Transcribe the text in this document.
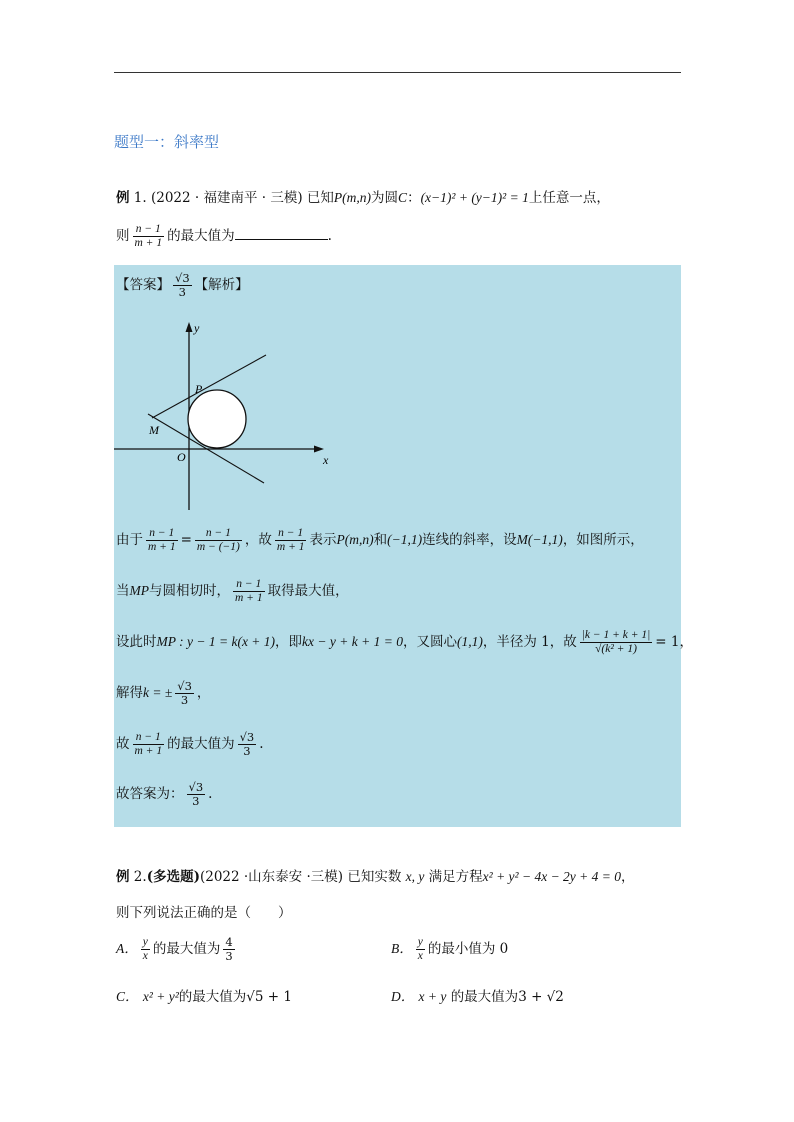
题型一：斜率型
例 1. (2022 · 福建南平 · 三模) 已知P(m,n)为圆C：(x−1)² + (y−1)² = 1上任意一点，
则 $\frac{n - 1}{m + 1}$ 的最大值为	.
【答案】 $\frac{√3}{3}$ 【解析】
y
x
P
M
O
由于 $\frac{n - 1}{m + 1} = \frac{n - 1}{m - (-1)}$ ，故 $\frac{n - 1}{m + 1}$ 表示P(m,n)和(−1,1)连线的斜率，设M(−1,1)，如图所示，
当MP与圆相切时， $\frac{n - 1}{m + 1}$ 取得最大值，
设此时MP : y − 1 = k(x + 1)，即kx − y + k + 1 = 0，又圆心(1,1)，半径为 1，故 $\frac{|k - 1 + k + 1|}{\text{√(k² + 1)}} = 1$，
解得k = ± $\frac{√3}{3}$ ，
故 $\frac{n - 1}{m + 1}$ 的最大值为 $\frac{√3}{3}$ .
故答案为： $\frac{√3}{3}$ .
例 2.(多选题)(2022 ·山东泰安 ·三模) 已知实数 x, y 满足方程x² + y² − 4x − 2y + 4 = 0，
则下列说法正确的是（　　）
A． $\frac{y}{x}$ 的最大值为 $\frac{4}{3}$	B． $\frac{y}{x}$ 的最小值为 0
C． x² + y²的最大值为√5 + 1	D． x + y 的最大值为3 + √2
